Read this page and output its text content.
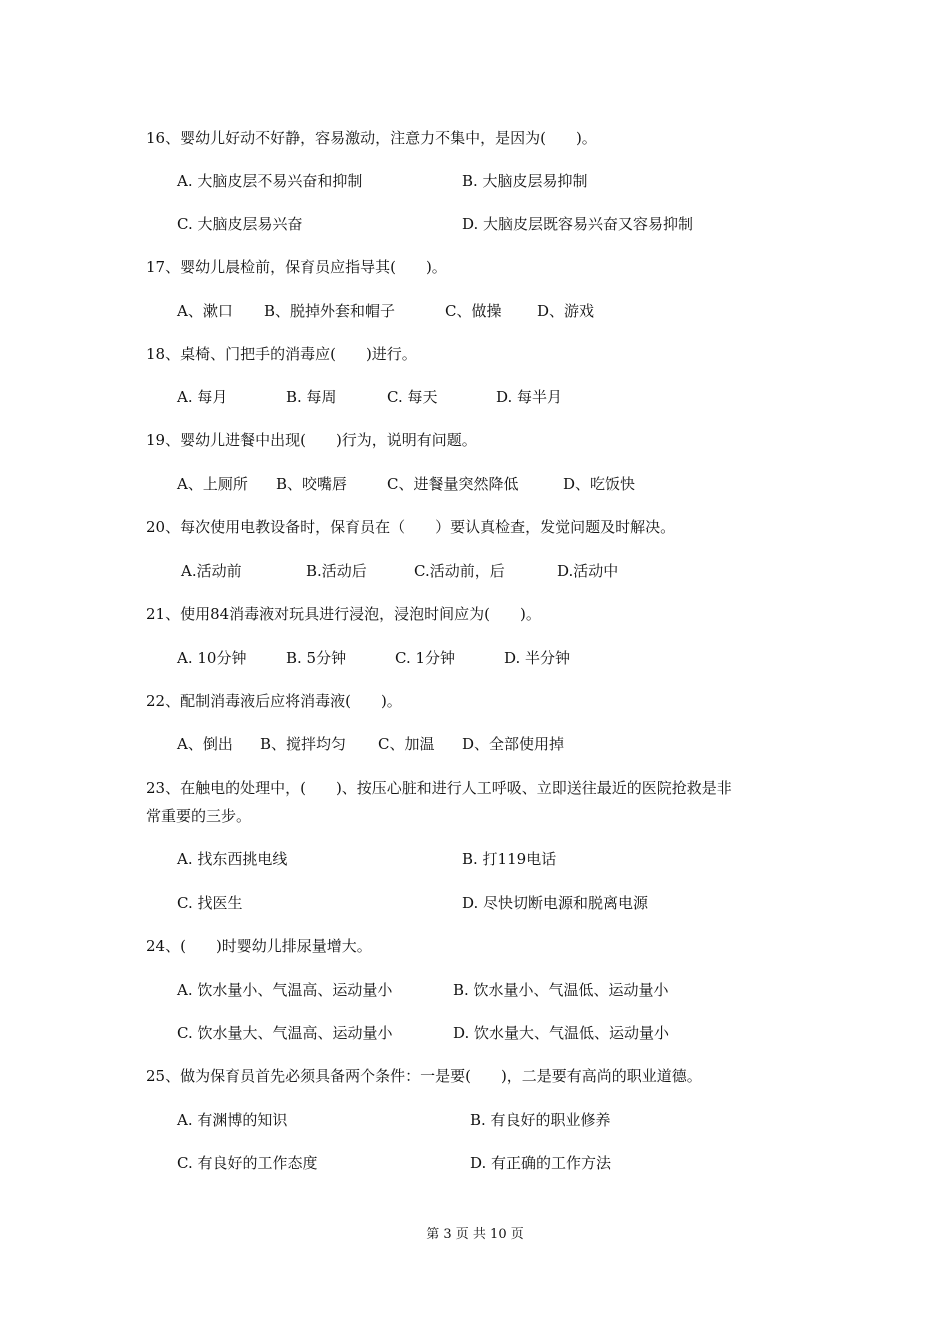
16、婴幼儿好动不好静，容易激动，注意力不集中，是因为(　　)。
A. 大脑皮层不易兴奋和抑制	B. 大脑皮层易抑制
C. 大脑皮层易兴奋	D. 大脑皮层既容易兴奋又容易抑制
17、婴幼儿晨检前，保育员应指导其(　　)。
A、漱口 B、脱掉外套和帽子	C、做操 D、游戏
18、桌椅、门把手的消毒应(　　)进行。
A. 每月	B. 每周	C. 每天	D. 每半月
19、婴幼儿进餐中出现(　　)行为，说明有问题。
A、上厕所 B、咬嘴唇	C、进餐量突然降低	D、吃饭快
20、每次使用电教设备时，保育员在（　　）要认真检查，发觉问题及时解决。
A.活动前	B.活动后	C.活动前，后	D.活动中
21、使用84消毒液对玩具进行浸泡，浸泡时间应为(　　)。
A. 10分钟	B. 5分钟	C. 1分钟	D. 半分钟
22、配制消毒液后应将消毒液(　　)。
A、倒出 B、搅拌均匀 C、加温 D、全部使用掉
23、在触电的处理中，(　　)、按压心脏和进行人工呼吸、立即送往最近的医院抢救是非
常重要的三步。
A. 找东西挑电线	B. 打119电话
C. 找医生	D. 尽快切断电源和脱离电源
24、(　　)时婴幼儿排尿量增大。
A. 饮水量小、气温高、运动量小	B. 饮水量小、气温低、运动量小
C. 饮水量大、气温高、运动量小	D. 饮水量大、气温低、运动量小
25、做为保育员首先必须具备两个条件：一是要(　　)，二是要有高尚的职业道德。
A. 有渊博的知识	B. 有良好的职业修养
C. 有良好的工作态度	D. 有正确的工作方法
第 3 页 共 10 页
